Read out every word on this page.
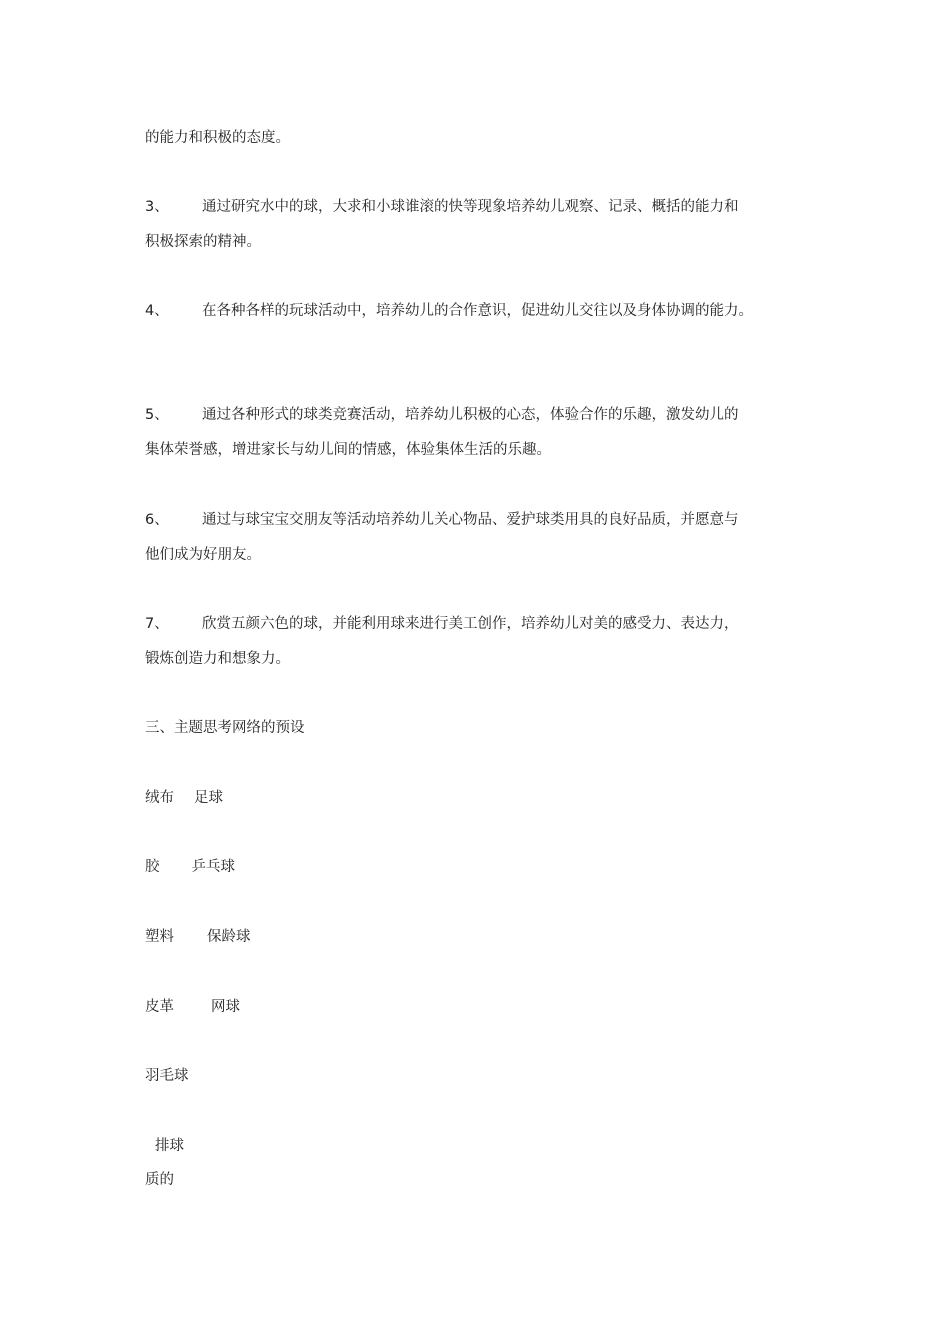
的能力和积极的态度。
3、 通过研究水中的球，大求和小球谁滚的快等现象培养幼儿观察、记录、概括的能力和
积极探索的精神。
4、 在各种各样的玩球活动中，培养幼儿的合作意识，促进幼儿交往以及身体协调的能力。
5、 通过各种形式的球类竞赛活动，培养幼儿积极的心态，体验合作的乐趣，激发幼儿的
集体荣誉感，增进家长与幼儿间的情感，体验集体生活的乐趣。
6、 通过与球宝宝交朋友等活动培养幼儿关心物品、爱护球类用具的良好品质，并愿意与
他们成为好朋友。
7、 欣赏五颜六色的球，并能利用球来进行美工创作，培养幼儿对美的感受力、表达力，
锻炼创造力和想象力。
三、主题思考网络的预设
绒布 足球
胶 乒乓球
塑料 保龄球
皮革	网球
羽毛球
排球
质的
